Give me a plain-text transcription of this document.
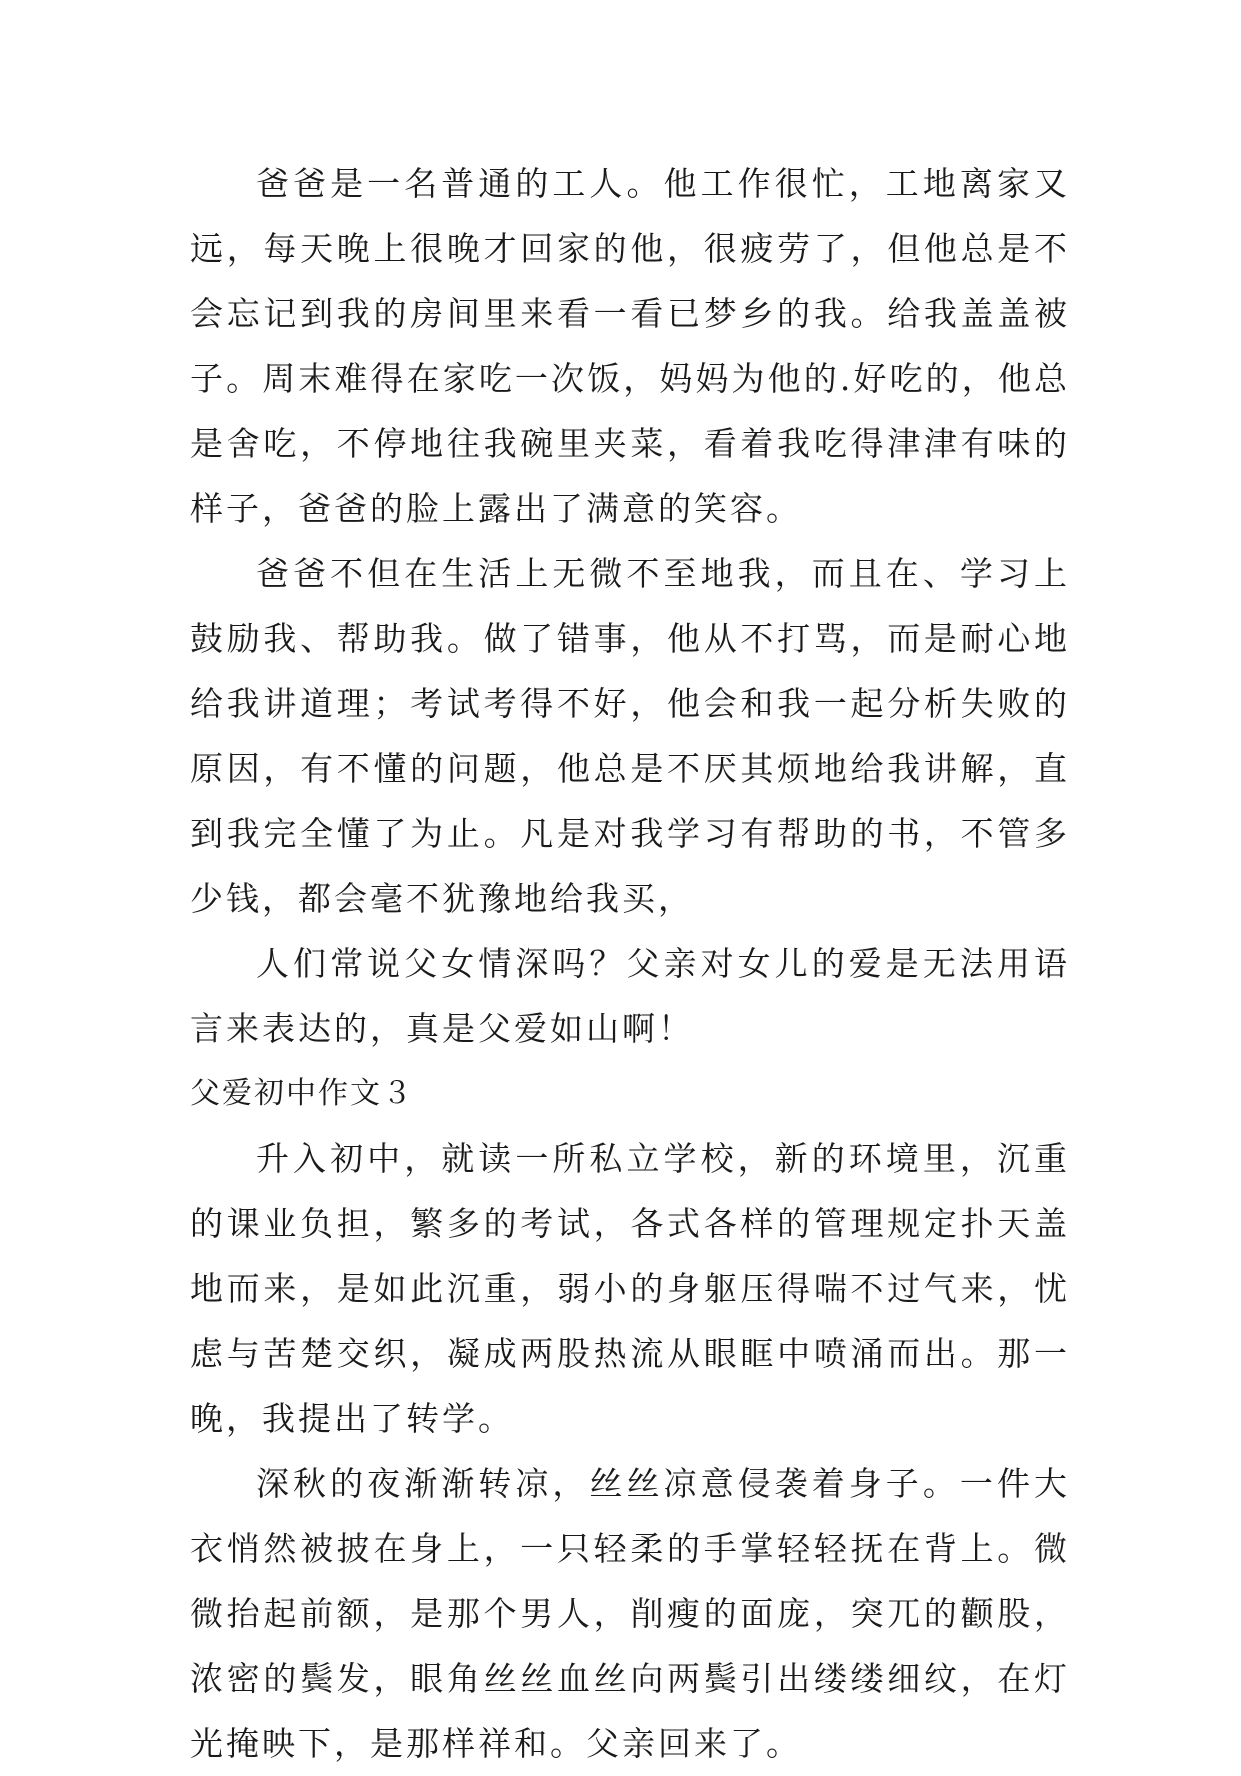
爸爸是一名普通的工人。他工作很忙，工地离家又远，每天晚上很晚才回家的他，很疲劳了，但他总是不会忘记到我的房间里来看一看已梦乡的我。给我盖盖被子。周末难得在家吃一次饭，妈妈为他的.好吃的，他总是舍吃，不停地往我碗里夹菜，看着我吃得津津有味的样子，爸爸的脸上露出了满意的笑容。

爸爸不但在生活上无微不至地我，而且在、学习上鼓励我、帮助我。做了错事，他从不打骂，而是耐心地给我讲道理；考试考得不好，他会和我一起分析失败的原因，有不懂的问题，他总是不厌其烦地给我讲解，直到我完全懂了为止。凡是对我学习有帮助的书，不管多少钱，都会毫不犹豫地给我买，

人们常说父女情深吗？父亲对女儿的爱是无法用语言来表达的，真是父爱如山啊！

父爱初中作文３

升入初中，就读一所私立学校，新的环境里，沉重的课业负担，繁多的考试，各式各样的管理规定扑天盖地而来，是如此沉重，弱小的身躯压得喘不过气来，忧虑与苦楚交织，凝成两股热流从眼眶中喷涌而出。那一晚，我提出了转学。

深秋的夜渐渐转凉，丝丝凉意侵袭着身子。一件大衣悄然被披在身上，一只轻柔的手掌轻轻抚在背上。微微抬起前额，是那个男人，削瘦的面庞，突兀的颧股，浓密的鬓发，眼角丝丝血丝向两鬓引出缕缕细纹，在灯光掩映下，是那样祥和。父亲回来了。
